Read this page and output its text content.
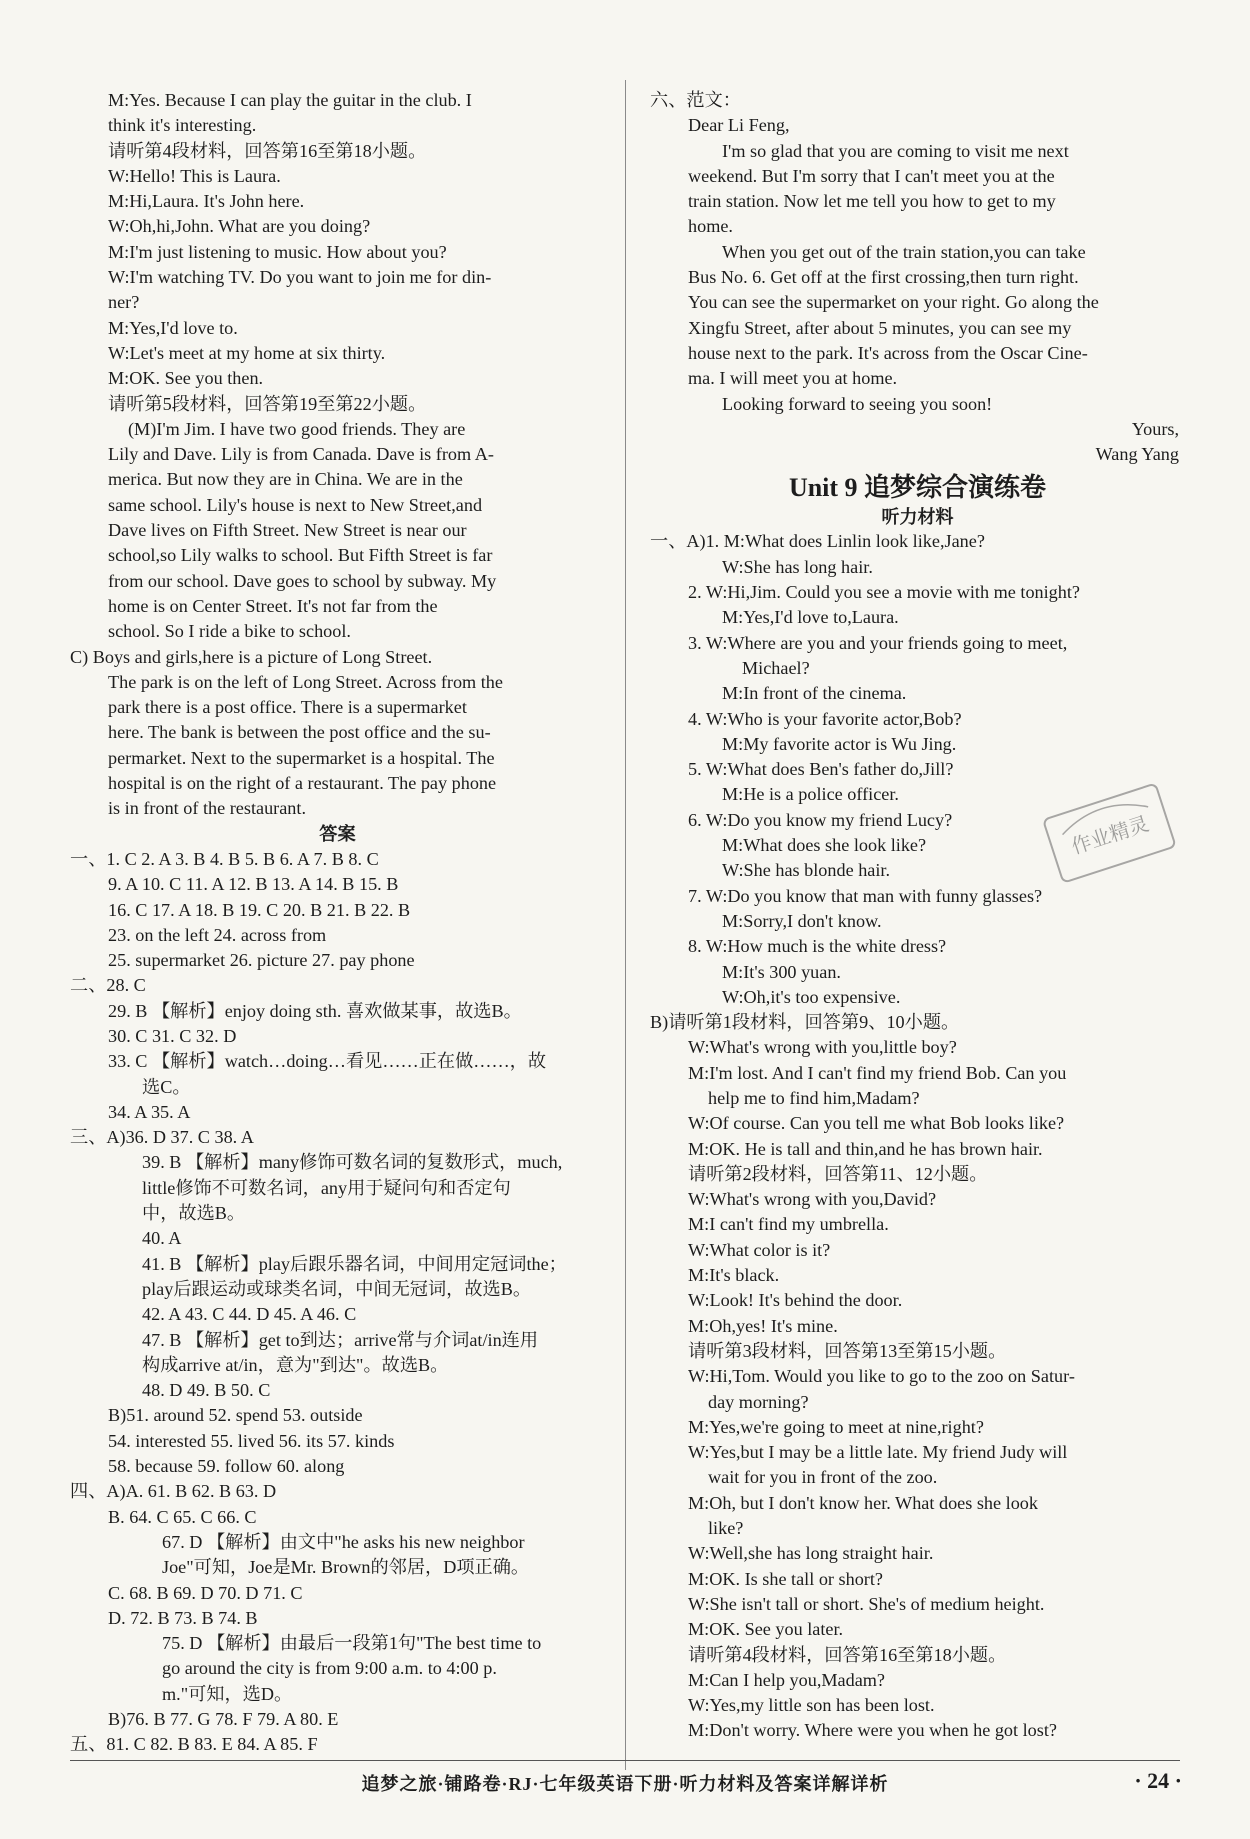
M:Yes. Because I can play the guitar in the club. I
think it's interesting.
请听第4段材料，回答第16至第18小题。
W:Hello! This is Laura.
M:Hi,Laura. It's John here.
W:Oh,hi,John. What are you doing?
M:I'm just listening to music. How about you?
W:I'm watching TV. Do you want to join me for din-
ner?
M:Yes,I'd love to.
W:Let's meet at my home at six thirty.
M:OK. See you then.
请听第5段材料，回答第19至第22小题。
(M)I'm Jim. I have two good friends. They are
Lily and Dave. Lily is from Canada. Dave is from A-
merica. But now they are in China. We are in the
same school. Lily's house is next to New Street,and
Dave lives on Fifth Street. New Street is near our
school,so Lily walks to school. But Fifth Street is far
from our school. Dave goes to school by subway. My
home is on Center Street. It's not far from the
school. So I ride a bike to school.
C) Boys and girls,here is a picture of Long Street.
The park is on the left of Long Street. Across from the
park there is a post office. There is a supermarket
here. The bank is between the post office and the su-
permarket. Next to the supermarket is a hospital. The
hospital is on the right of a restaurant. The pay phone
is in front of the restaurant.
答案
一、1. C 2. A 3. B 4. B 5. B 6. A 7. B 8. C
9. A 10. C 11. A 12. B 13. A 14. B 15. B
16. C 17. A 18. B 19. C 20. B 21. B 22. B
23. on the left 24. across from
25. supermarket 26. picture 27. pay phone
二、28. C
29. B 【解析】enjoy doing sth. 喜欢做某事，故选B。
30. C 31. C 32. D
33. C 【解析】watch…doing…看见……正在做……，故
选C。
34. A 35. A
三、A)36. D 37. C 38. A
39. B 【解析】many修饰可数名词的复数形式，much,
little修饰不可数名词，any用于疑问句和否定句
中，故选B。
40. A
41. B 【解析】play后跟乐器名词，中间用定冠词the；
play后跟运动或球类名词，中间无冠词，故选B。
42. A 43. C 44. D 45. A 46. C
47. B 【解析】get to到达；arrive常与介词at/in连用
构成arrive at/in，意为"到达"。故选B。
48. D 49. B 50. C
B)51. around 52. spend 53. outside
54. interested 55. lived 56. its 57. kinds
58. because 59. follow 60. along
四、A)A. 61. B 62. B 63. D
B. 64. C 65. C 66. C
67. D 【解析】由文中"he asks his new neighbor
Joe"可知，Joe是Mr. Brown的邻居，D项正确。
C. 68. B 69. D 70. D 71. C
D. 72. B 73. B 74. B
75. D 【解析】由最后一段第1句"The best time to
go around the city is from 9:00 a.m. to 4:00 p.
m."可知，选D。
B)76. B 77. G 78. F 79. A 80. E
五、81. C 82. B 83. E 84. A 85. F
六、范文：
Dear Li Feng,
I'm so glad that you are coming to visit me next
weekend. But I'm sorry that I can't meet you at the
train station. Now let me tell you how to get to my
home.
When you get out of the train station,you can take
Bus No. 6. Get off at the first crossing,then turn right.
You can see the supermarket on your right. Go along the
Xingfu Street, after about 5 minutes, you can see my
house next to the park. It's across from the Oscar Cine-
ma. I will meet you at home.
Looking forward to seeing you soon!
Yours,
Wang Yang
Unit 9 追梦综合演练卷
听力材料
一、A)1. M:What does Linlin look like,Jane?
W:She has long hair.
2. W:Hi,Jim. Could you see a movie with me tonight?
M:Yes,I'd love to,Laura.
3. W:Where are you and your friends going to meet,
Michael?
M:In front of the cinema.
4. W:Who is your favorite actor,Bob?
M:My favorite actor is Wu Jing.
5. W:What does Ben's father do,Jill?
M:He is a police officer.
6. W:Do you know my friend Lucy?
M:What does she look like?
W:She has blonde hair.
7. W:Do you know that man with funny glasses?
M:Sorry,I don't know.
8. W:How much is the white dress?
M:It's 300 yuan.
W:Oh,it's too expensive.
B)请听第1段材料，回答第9、10小题。
W:What's wrong with you,little boy?
M:I'm lost. And I can't find my friend Bob. Can you
help me to find him,Madam?
W:Of course. Can you tell me what Bob looks like?
M:OK. He is tall and thin,and he has brown hair.
请听第2段材料，回答第11、12小题。
W:What's wrong with you,David?
M:I can't find my umbrella.
W:What color is it?
M:It's black.
W:Look! It's behind the door.
M:Oh,yes! It's mine.
请听第3段材料，回答第13至第15小题。
W:Hi,Tom. Would you like to go to the zoo on Satur-
day morning?
M:Yes,we're going to meet at nine,right?
W:Yes,but I may be a little late. My friend Judy will
wait for you in front of the zoo.
M:Oh, but I don't know her. What does she look
like?
W:Well,she has long straight hair.
M:OK. Is she tall or short?
W:She isn't tall or short. She's of medium height.
M:OK. See you later.
请听第4段材料，回答第16至第18小题。
M:Can I help you,Madam?
W:Yes,my little son has been lost.
M:Don't worry. Where were you when he got lost?
作业精灵
追梦之旅·铺路卷·RJ·七年级英语下册·听力材料及答案详解详析	· 24 ·
